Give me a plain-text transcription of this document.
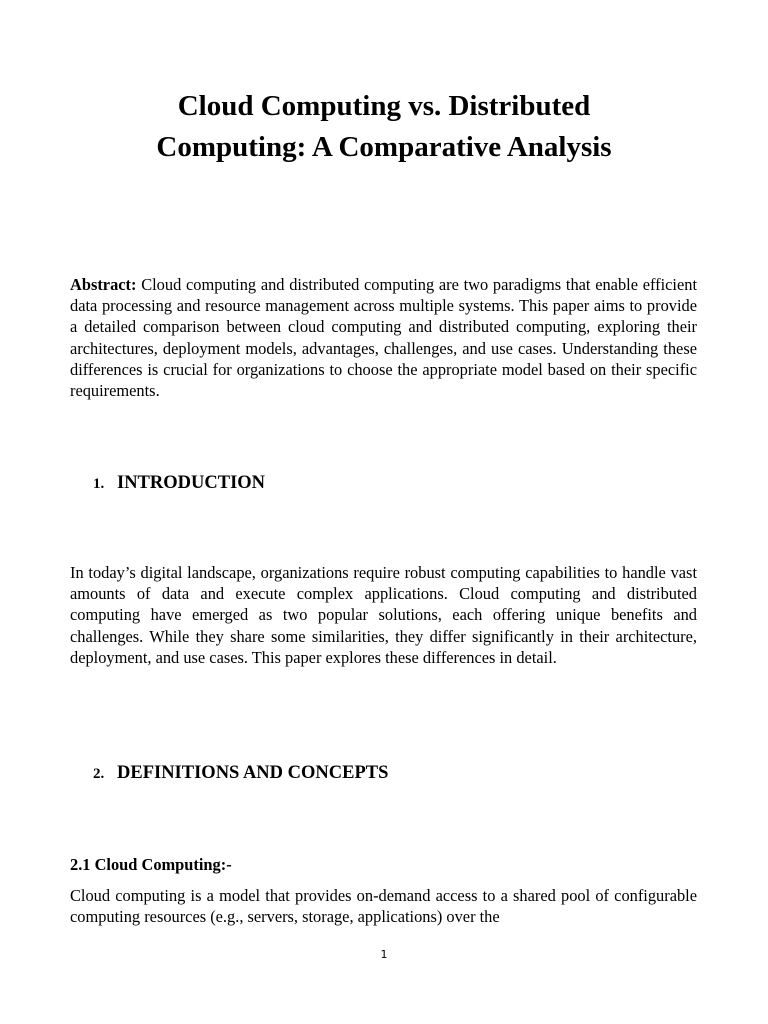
Cloud Computing vs. Distributed
Computing: A Comparative Analysis

Abstract: Cloud computing and distributed computing are two paradigms that enable efficient data processing and resource management across multiple systems. This paper aims to provide a detailed comparison between cloud computing and distributed computing, exploring their architectures, deployment models, advantages, challenges, and use cases. Understanding these differences is crucial for organizations to choose the appropriate model based on their specific requirements.

1. INTRODUCTION

In today’s digital landscape, organizations require robust computing capabilities to handle vast amounts of data and execute complex applications. Cloud computing and distributed computing have emerged as two popular solutions, each offering unique benefits and challenges. While they share some similarities, they differ significantly in their architecture, deployment, and use cases. This paper explores these differences in detail.

2. DEFINITIONS AND CONCEPTS
2.1 Cloud Computing:-

Cloud computing is a model that provides on-demand access to a shared pool of configurable computing resources (e.g., servers, storage, applications) over the

1
